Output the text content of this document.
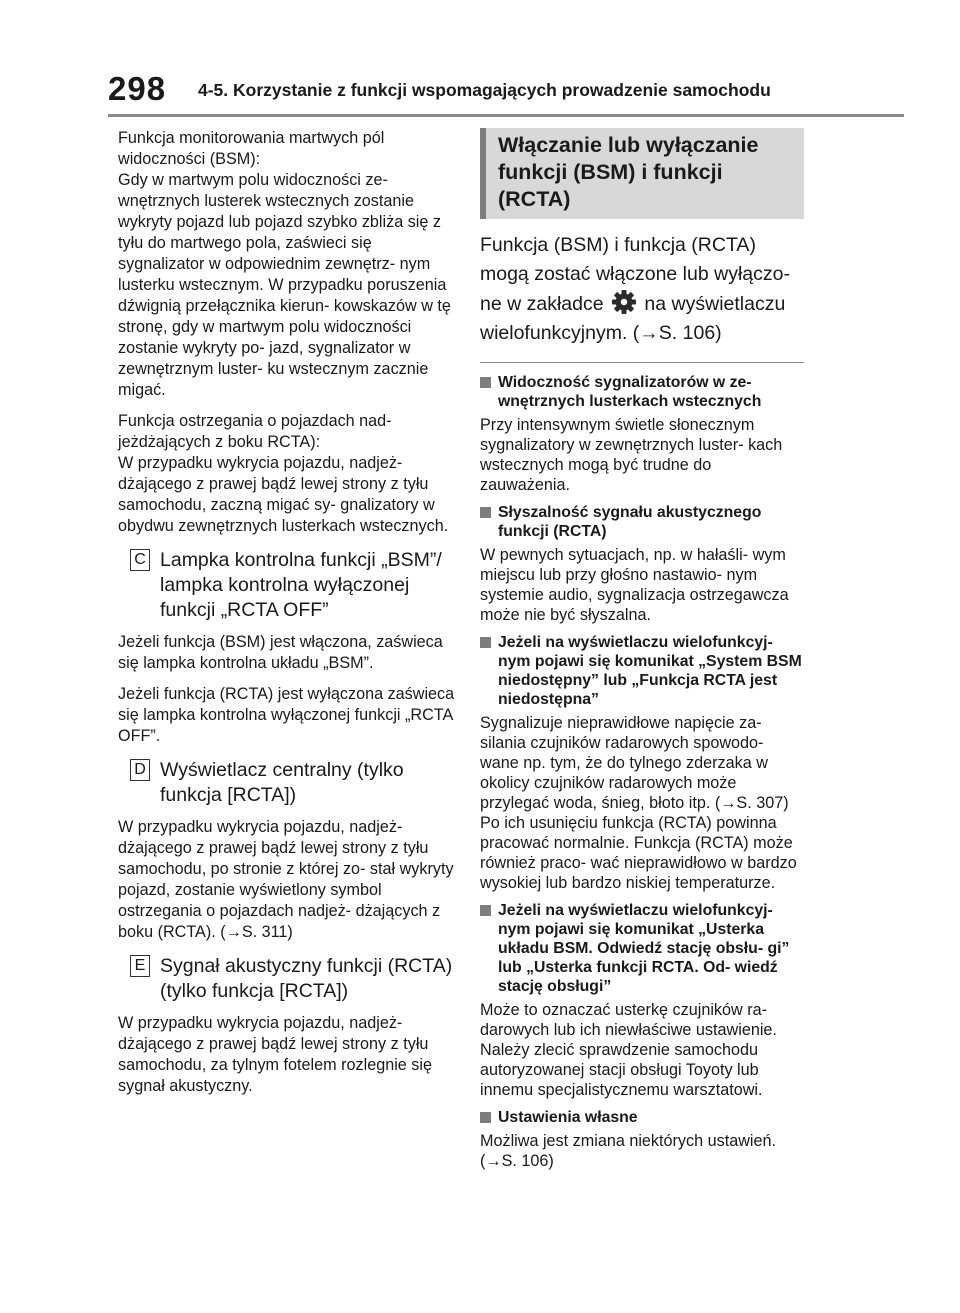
298 4-5. Korzystanie z funkcji wspomagających prowadzenie samochodu

Funkcja monitorowania martwych pól widoczności (BSM):

Gdy w martwym polu widoczności ze- wnętrznych lusterek wstecznych zostanie wykryty pojazd lub pojazd szybko zbliża się z tyłu do martwego pola, zaświeci się sygnalizator w odpowiednim zewnętrz- nym lusterku wstecznym. W przypadku poruszenia dźwignią przełącznika kierun- kowskazów w tę stronę, gdy w martwym polu widoczności zostanie wykryty po- jazd, sygnalizator w zewnętrznym luster- ku wstecznym zacznie migać.

Funkcja ostrzegania o pojazdach nad- jeżdżających z boku RCTA):

W przypadku wykrycia pojazdu, nadjeż- dżającego z prawej bądź lewej strony z tyłu samochodu, zaczną migać sy- gnalizatory w obydwu zewnętrznych lusterkach wstecznych.

C Lampka kontrolna funkcji „BSM”/ lampka kontrolna wyłączonej funkcji „RCTA OFF”

Jeżeli funkcja (BSM) jest włączona, zaświeca się lampka kontrolna układu „BSM”.

Jeżeli funkcja (RCTA) jest wyłączona zaświeca się lampka kontrolna wyłączonej funkcji „RCTA OFF”.

D Wyświetlacz centralny (tylko funkcja [RCTA])

W przypadku wykrycia pojazdu, nadjeż- dżającego z prawej bądź lewej strony z tyłu samochodu, po stronie z której zo- stał wykryty pojazd, zostanie wyświetlony symbol ostrzegania o pojazdach nadjeż- dżających z boku (RCTA). (→S. 311)

E Sygnał akustyczny funkcji (RCTA) (tylko funkcja [RCTA])

W przypadku wykrycia pojazdu, nadjeż- dżającego z prawej bądź lewej strony z tyłu samochodu, za tylnym fotelem rozlegnie się sygnał akustyczny.

Włączanie lub wyłączanie funkcji (BSM) i funkcji (RCTA)

Funkcja (BSM) i funkcja (RCTA) mogą zostać włączone lub wyłączo- ne w zakładce na wyświetlaczu wielofunkcyjnym. (→S. 106)

Widoczność sygnalizatorów w ze- wnętrznych lusterkach wstecznych

Przy intensywnym świetle słonecznym sygnalizatory w zewnętrznych luster- kach wstecznych mogą być trudne do zauważenia.

Słyszalność sygnału akustycznego funkcji (RCTA)

W pewnych sytuacjach, np. w hałaśli- wym miejscu lub przy głośno nastawio- nym systemie audio, sygnalizacja ostrzegawcza może nie być słyszalna.

Jeżeli na wyświetlaczu wielofunkcyj- nym pojawi się komunikat „System BSM niedostępny” lub „Funkcja RCTA jest niedostępna”

Sygnalizuje nieprawidłowe napięcie za- silania czujników radarowych spowodo- wane np. tym, że do tylnego zderzaka w okolicy czujników radarowych może przylegać woda, śnieg, błoto itp. (→S. 307) Po ich usunięciu funkcja (RCTA) powinna pracować normalnie. Funkcja (RCTA) może również praco- wać nieprawidłowo w bardzo wysokiej lub bardzo niskiej temperaturze.

Jeżeli na wyświetlaczu wielofunkcyj- nym pojawi się komunikat „Usterka układu BSM. Odwiedź stację obsłu- gi” lub „Usterka funkcji RCTA. Od- wiedź stację obsługi”

Może to oznaczać usterkę czujników ra- darowych lub ich niewłaściwe ustawienie. Należy zlecić sprawdzenie samochodu autoryzowanej stacji obsługi Toyoty lub innemu specjalistycznemu warsztatowi.

Ustawienia własne

Możliwa jest zmiana niektórych ustawień. (→S. 106)
